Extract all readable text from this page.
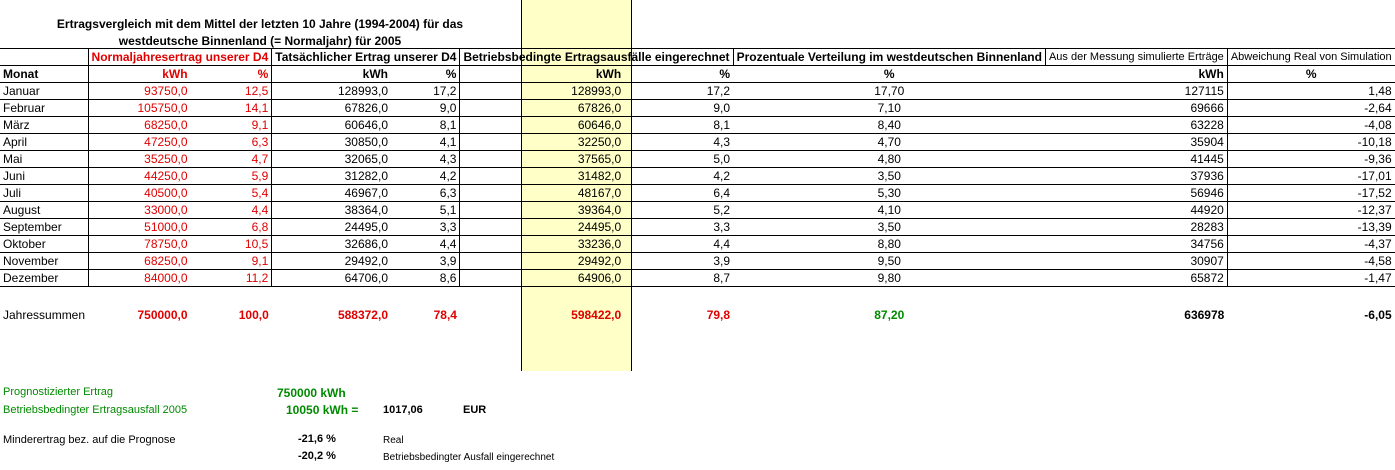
Ertragsvergleich mit dem Mittel der letzten 10 Jahre (1994-2004) für das
westdeutsche Binnenland (= Normaljahr) für 2005
	Normaljahresertrag unserer D4		Tatsächlicher Ertrag unserer D4		Betriebsbedingte Ertragsausfälle eingerechnet		Prozentuale Verteilung im westdeutschen Binnenland	Aus der Messung simulierte Erträge	Abweichung Real von Simulation
Monat	kWh	%	kWh	%	kWh	%	%	kWh	%
Januar	93750,0	12,5	128993,0	17,2	128993,0	17,2	17,70	127115	1,48
Februar	105750,0	14,1	67826,0	9,0	67826,0	9,0	7,10	69666	-2,64
März	68250,0	9,1	60646,0	8,1	60646,0	8,1	8,40	63228	-4,08
April	47250,0	6,3	30850,0	4,1	32250,0	4,3	4,70	35904	-10,18
Mai	35250,0	4,7	32065,0	4,3	37565,0	5,0	4,80	41445	-9,36
Juni	44250,0	5,9	31282,0	4,2	31482,0	4,2	3,50	37936	-17,01
Juli	40500,0	5,4	46967,0	6,3	48167,0	6,4	5,30	56946	-17,52
August	33000,0	4,4	38364,0	5,1	39364,0	5,2	4,10	44920	-12,37
September	51000,0	6,8	24495,0	3,3	24495,0	3,3	3,50	28283	-13,39
Oktober	78750,0	10,5	32686,0	4,4	33236,0	4,4	8,80	34756	-4,37
November	68250,0	9,1	29492,0	3,9	29492,0	3,9	9,50	30907	-4,58
Dezember	84000,0	11,2	64706,0	8,6	64906,0	8,7	9,80	65872	-1,47

Jahressummen	750000,0	100,0	588372,0	78,4	598422,0	79,8	87,20	636978	-6,05
Prognostizierter Ertrag	750000 kWh
Betriebsbedingter Ertragsausfall 2005	10050 kWh = 1017,06	EUR
Minderertrag bez. auf die Prognose	-21,6 %	Real
-20,2 %	Betriebsbedingter Ausfall eingerechnet
